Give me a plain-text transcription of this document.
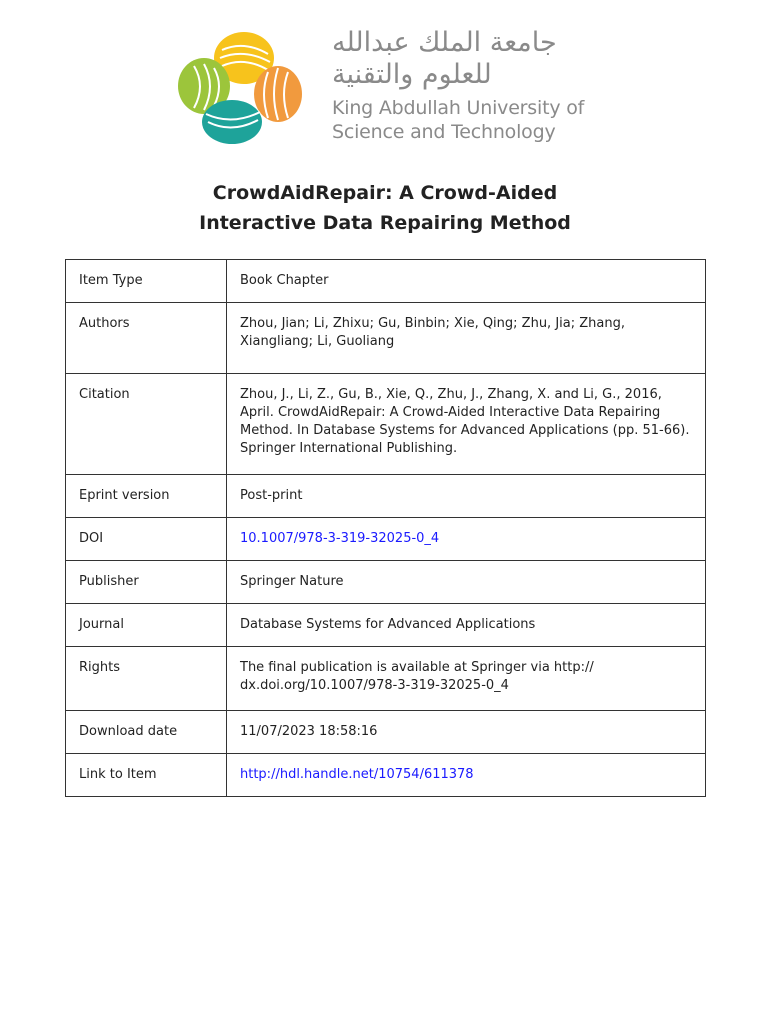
جامعة الملك عبدالله
للعلوم والتقنية
King Abdullah University of
Science and Technology
CrowdAidRepair: A Crowd-Aided
Interactive Data Repairing Method
Item Type	Book Chapter
Authors	Zhou, Jian; Li, Zhixu; Gu, Binbin; Xie, Qing; Zhu, Jia; Zhang, Xiangliang; Li, Guoliang
Citation	Zhou, J., Li, Z., Gu, B., Xie, Q., Zhu, J., Zhang, X. and Li, G., 2016, April. CrowdAidRepair: A Crowd-Aided Interactive Data Repairing Method. In Database Systems for Advanced Applications (pp. 51-66). Springer International Publishing.
Eprint version	Post-print
DOI	10.1007/978-3-319-32025-0_4
Publisher	Springer Nature
Journal	Database Systems for Advanced Applications
Rights	The final publication is available at Springer via http:// dx.doi.org/10.1007/978-3-319-32025-0_4
Download date	11/07/2023 18:58:16
Link to Item	http://hdl.handle.net/10754/611378
